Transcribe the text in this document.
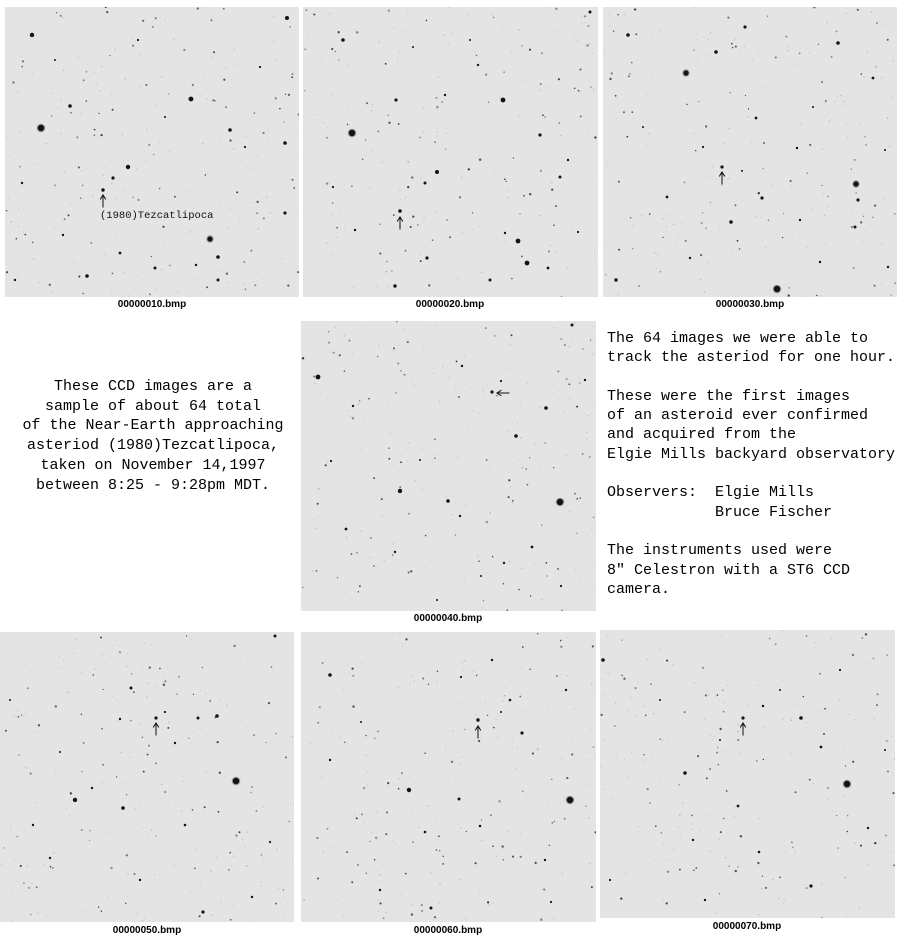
(1980)Tezcatlipoca
00000010.bmp	00000020.bmp	00000030.bmp
These CCD images are a
sample of about 64 total
of the Near-Earth approaching
asteriod (1980)Tezcatlipoca,
taken on November 14,1997
between 8:25 - 9:28pm MDT.
00000040.bmp
The 64 images we were able to
track the asteriod for one hour.
These were the first images
of an asteroid ever confirmed
and acquired from the
Elgie Mills backyard observatory
Observers:	Elgie Mills
Bruce Fischer
The instruments used were
8" Celestron with a ST6 CCD
camera.
00000050.bmp	00000060.bmp	00000070.bmp
